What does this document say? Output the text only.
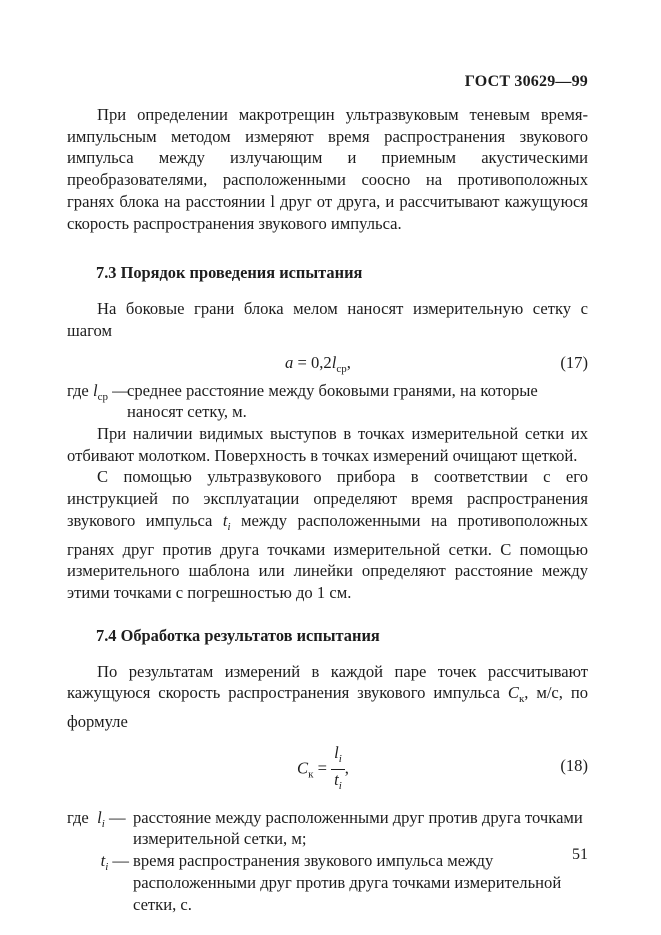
ГОСТ 30629—99

При определении макротрещин ультразвуковым теневым время-импульсным методом измеряют время распространения звукового импульса между излучающим и приемным акустическими преобразователями, расположенными соосно на противоположных гранях блока на расстоянии l друг от друга, и рассчитывают кажущуюся скорость распространения звукового импульса.

7.3 Порядок проведения испытания

На боковые грани блока мелом наносят измерительную сетку с шагом

$a = 0,2l_{ср}$,	(17)
где $l_{ср}$ —
среднее расстояние между боковыми гранями, на которые наносят сетку, м.

При наличии видимых выступов в точках измерительной сетки их отбивают молотком. Поверхность в точках измерений очищают щеткой.

С помощью ультразвукового прибора в соответствии с его инструкцией по эксплуатации определяют время распространения звукового импульса $t_i$ между расположенными на противоположных гранях друг против друга точками измерительной сетки. С помощью измерительного шаблона или линейки определяют расстояние между этими точками с погрешностью до 1 см.

7.4 Обработка результатов испытания

По результатам измерений в каждой паре точек рассчитывают кажущуюся скорость распространения звукового импульса $C_к$, м/с, по формуле

$C_к = \frac{l_i}{t_i}$ ,	(18)
где $l_i$ — расстояние между расположенными друг против друга точками измерительной сетки, м;
$t_i$ — время распространения звукового импульса между расположенными друг против друга точками измерительной сетки, с.
51
